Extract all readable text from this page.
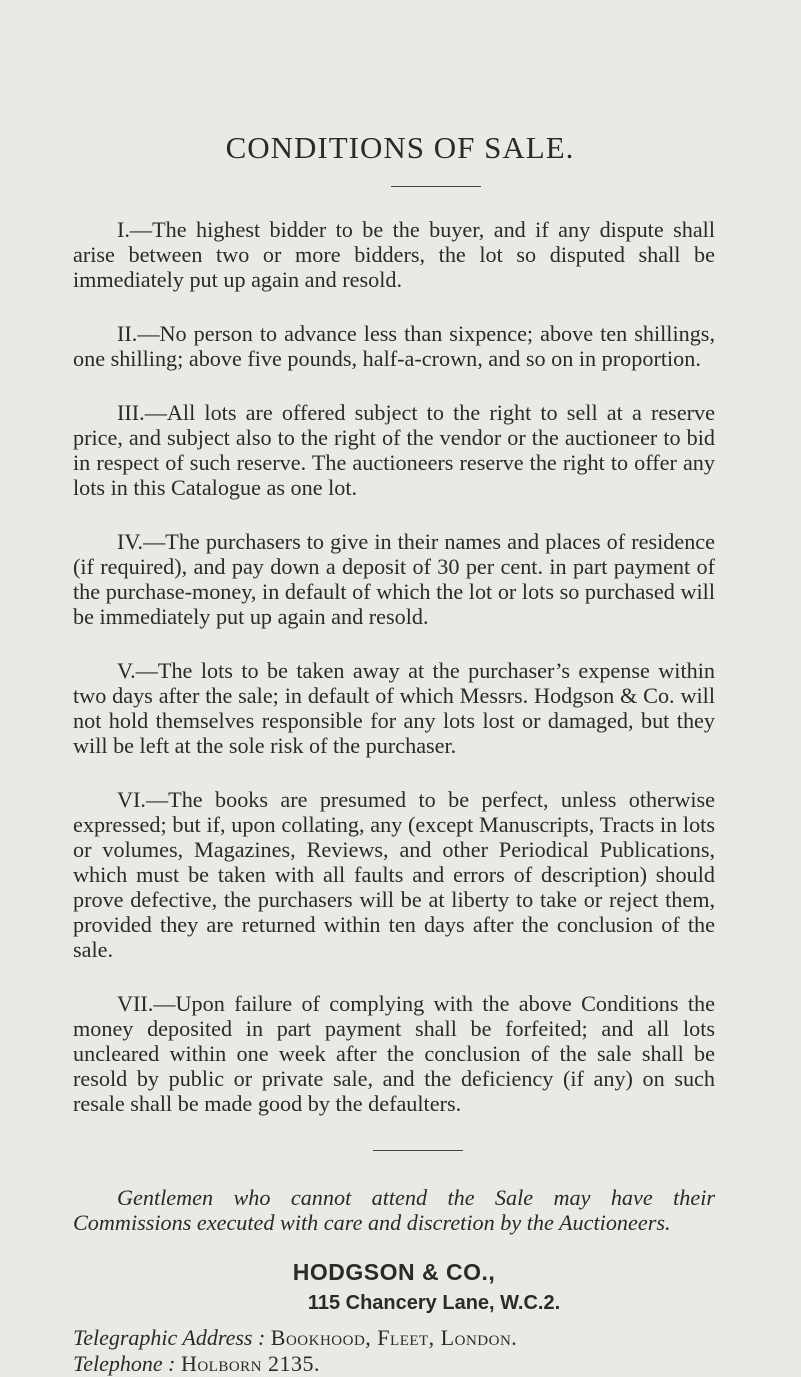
CONDITIONS OF SALE.

I.—The highest bidder to be the buyer, and if any dispute shall arise between two or more bidders, the lot so disputed shall be immediately put up again and resold.

II.—No person to advance less than sixpence; above ten shillings, one shilling; above five pounds, half-a-crown, and so on in proportion.

III.—All lots are offered subject to the right to sell at a reserve price, and subject also to the right of the vendor or the auctioneer to bid in respect of such reserve. The auctioneers reserve the right to offer any lots in this Catalogue as one lot.

IV.—The purchasers to give in their names and places of residence (if required), and pay down a deposit of 30 per cent. in part payment of the purchase-money, in default of which the lot or lots so purchased will be immediately put up again and resold.

V.—The lots to be taken away at the purchaser’s expense within two days after the sale; in default of which Messrs. Hodgson & Co. will not hold themselves responsible for any lots lost or damaged, but they will be left at the sole risk of the purchaser.

VI.—The books are presumed to be perfect, unless otherwise expressed; but if, upon collating, any (except Manuscripts, Tracts in lots or volumes, Magazines, Reviews, and other Periodical Publications, which must be taken with all faults and errors of description) should prove defective, the purchasers will be at liberty to take or reject them, provided they are returned within ten days after the conclusion of the sale.

VII.—Upon failure of complying with the above Conditions the money deposited in part payment shall be forfeited; and all lots uncleared within one week after the conclusion of the sale shall be resold by public or private sale, and the deficiency (if any) on such resale shall be made good by the defaulters.

Gentlemen who cannot attend the Sale may have their Commissions executed with care and discretion by the Auctioneers.

HODGSON & CO.,
115 Chancery Lane, W.C.2.

Telegraphic Address : Bookhood, Fleet, London.

Telephone : Holborn 2135.
